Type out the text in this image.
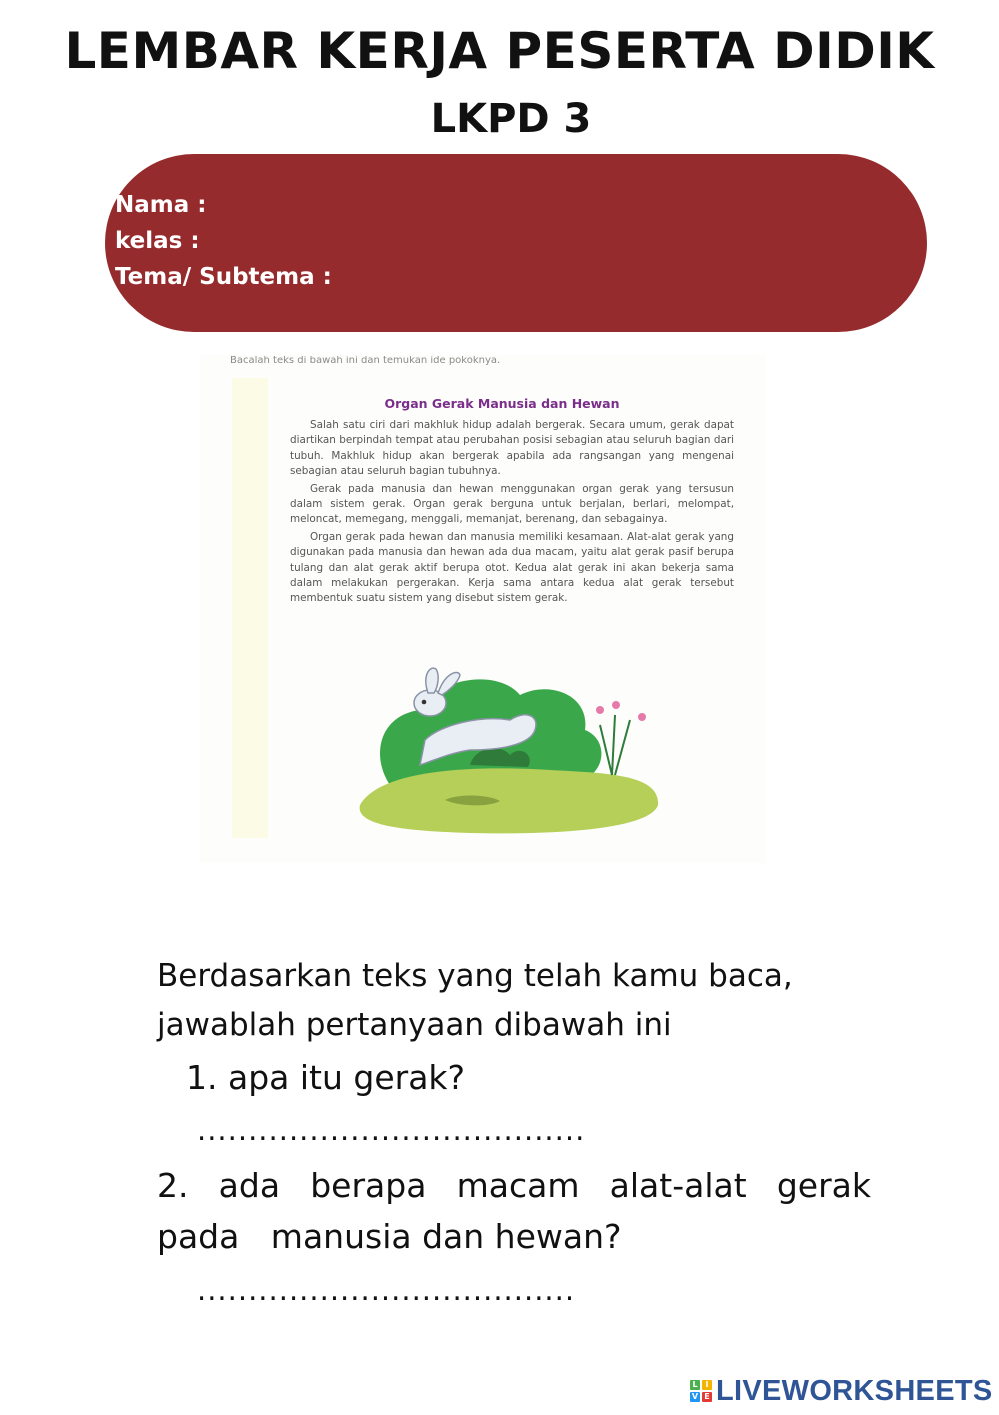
LEMBAR KERJA PESERTA DIDIK
LKPD 3
Nama :
kelas :
Tema/ Subtema :
Bacalah teks di bawah ini dan temukan ide pokoknya.
Organ Gerak Manusia dan Hewan

Salah satu ciri dari makhluk hidup adalah bergerak. Secara umum, gerak dapat diartikan berpindah tempat atau perubahan posisi sebagian atau seluruh bagian dari tubuh. Makhluk hidup akan bergerak apabila ada rangsangan yang mengenai sebagian atau seluruh bagian tubuhnya.

Gerak pada manusia dan hewan menggunakan organ gerak yang tersusun dalam sistem gerak. Organ gerak berguna untuk berjalan, berlari, melompat, meloncat, memegang, menggali, memanjat, berenang, dan sebagainya.

Organ gerak pada hewan dan manusia memiliki kesamaan. Alat-alat gerak yang digunakan pada manusia dan hewan ada dua macam, yaitu alat gerak pasif berupa tulang dan alat gerak aktif berupa otot. Kedua alat gerak ini akan bekerja sama dalam melakukan pergerakan. Kerja sama antara kedua alat gerak tersebut membentuk suatu sistem yang disebut sistem gerak.

Berdasarkan teks yang telah kamu baca,
jawablah pertanyaan dibawah ini
1. apa itu gerak?
......................................
2. ada berapa macam alat-alat gerak
pada   manusia dan hewan?
.....................................
L I
V E LIVEWORKSHEETS
